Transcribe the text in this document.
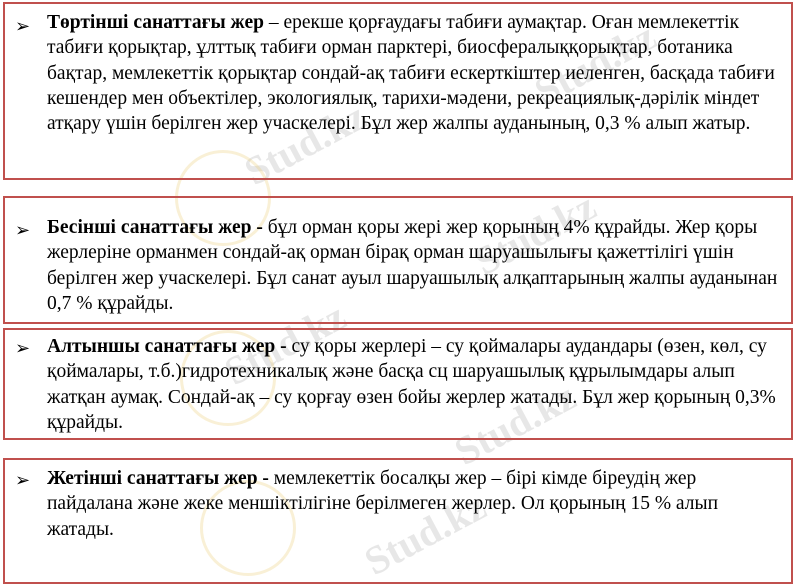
Stud.kz
Stud.kz
Stud.kz
Stud.kz
Stud.kz
Stud.kz
➢ Төртінші санаттағы жер – ерекше қорғаудағы табиғи аумақтар. Оған мемлекеттік табиғи қорықтар, ұлттық табиғи орман парктері, биосфералыққорықтар, ботаника бақтар, мемлекеттік қорықтар сондай-ақ табиғи ескерткіштер иеленген, басқада табиғи кешендер мен объектілер, экологиялық, тарихи-мәдени, рекреациялық-дәрілік міндет атқару үшін берілген жер учаскелері. Бұл жер жалпы ауданының, 0,3 % алып жатыр.

➢ Бесінші санаттағы жер - бұл орман қоры жері жер қорының 4% құрайды. Жер қоры жерлеріне орманмен сондай-ақ орман бірақ орман шаруашылығы қажеттілігі үшін берілген жер учаскелері. Бұл санат ауыл шаруашылық алқаптарының жалпы ауданынан 0,7 % құрайды.

➢ Алтыншы санаттағы жер - су қоры жерлері – су қоймалары аудандары (өзен, көл, су қоймалары, т.б.)гидротехникалық және басқа сц шаруашылық құрылымдары алып жатқан аумақ. Сондай-ақ – су қорғау өзен бойы жерлер жатады. Бұл жер қорының 0,3% құрайды.

➢ Жетінші санаттағы жер - мемлекеттік босалқы жер – бірі кімде біреудің жер пайдалана және жеке меншіктілігіне берілмеген жерлер. Ол қорының 15 % алып жатады.
